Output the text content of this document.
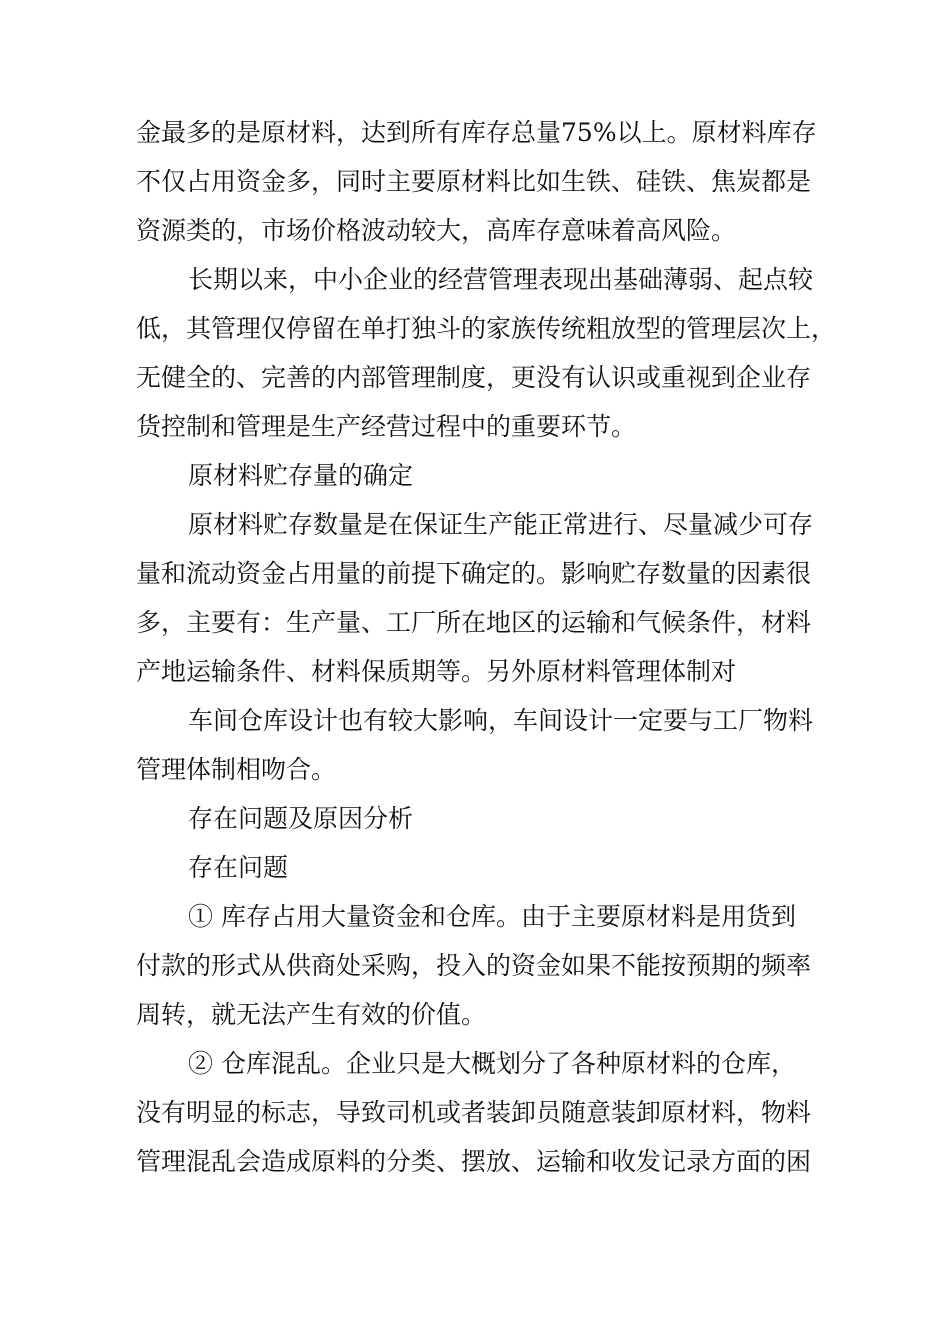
金最多的是原材料，达到所有库存总量75%以上。原材料库存
不仅占用资金多，同时主要原材料比如生铁、硅铁、焦炭都是
资源类的，市场价格波动较大，高库存意味着高风险。
长期以来，中小企业的经营管理表现出基础薄弱、起点较
低，其管理仅停留在单打独斗的家族传统粗放型的管理层次上，
无健全的、完善的内部管理制度，更没有认识或重视到企业存
货控制和管理是生产经营过程中的重要环节。
原材料贮存量的确定
原材料贮存数量是在保证生产能正常进行、尽量减少可存
量和流动资金占用量的前提下确定的。影响贮存数量的因素很
多，主要有：生产量、工厂所在地区的运输和气候条件，材料
产地运输条件、材料保质期等。另外原材料管理体制对
车间仓库设计也有较大影响，车间设计一定要与工厂物料
管理体制相吻合。
存在问题及原因分析
存在问题
① 库存占用大量资金和仓库。由于主要原材料是用货到
付款的形式从供商处采购，投入的资金如果不能按预期的频率
周转，就无法产生有效的价值。
② 仓库混乱。企业只是大概划分了各种原材料的仓库，
没有明显的标志，导致司机或者装卸员随意装卸原材料，物料
管理混乱会造成原料的分类、摆放、运输和收发记录方面的困
